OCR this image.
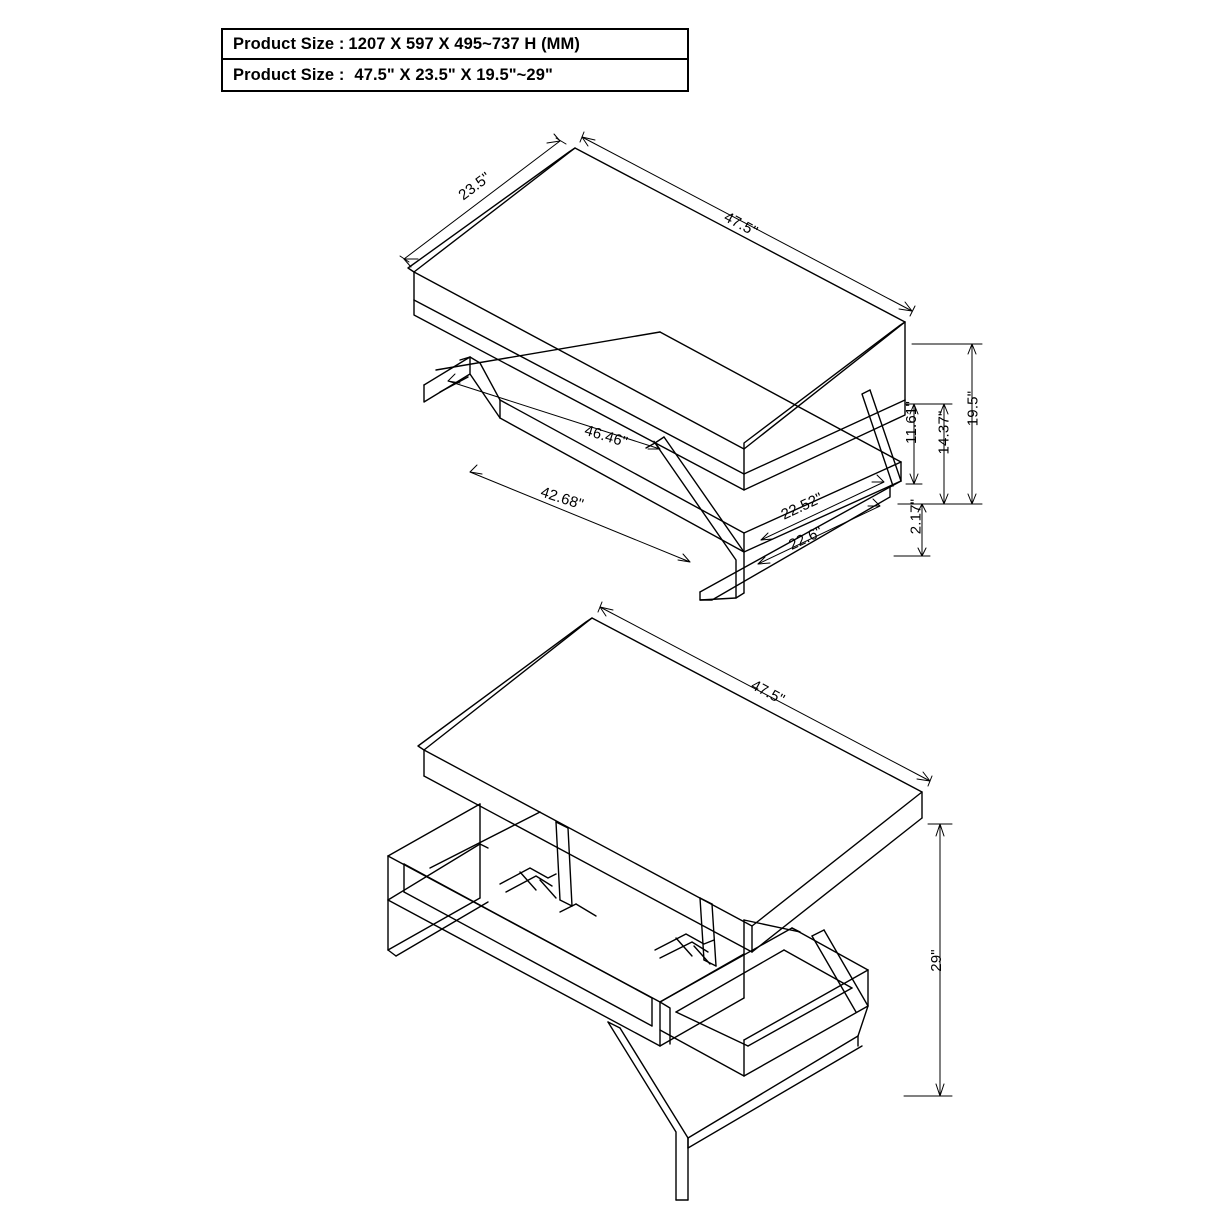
Product Size : 1207 X 597 X 495~737 H (MM)
Product Size : 47.5" X 23.5" X 19.5"~29"
23.5"
47.5"
46.46"
42.68"	22.52"
22.6"
11.61" 14.37"
19.5"
2.17"
47.5"
29"
